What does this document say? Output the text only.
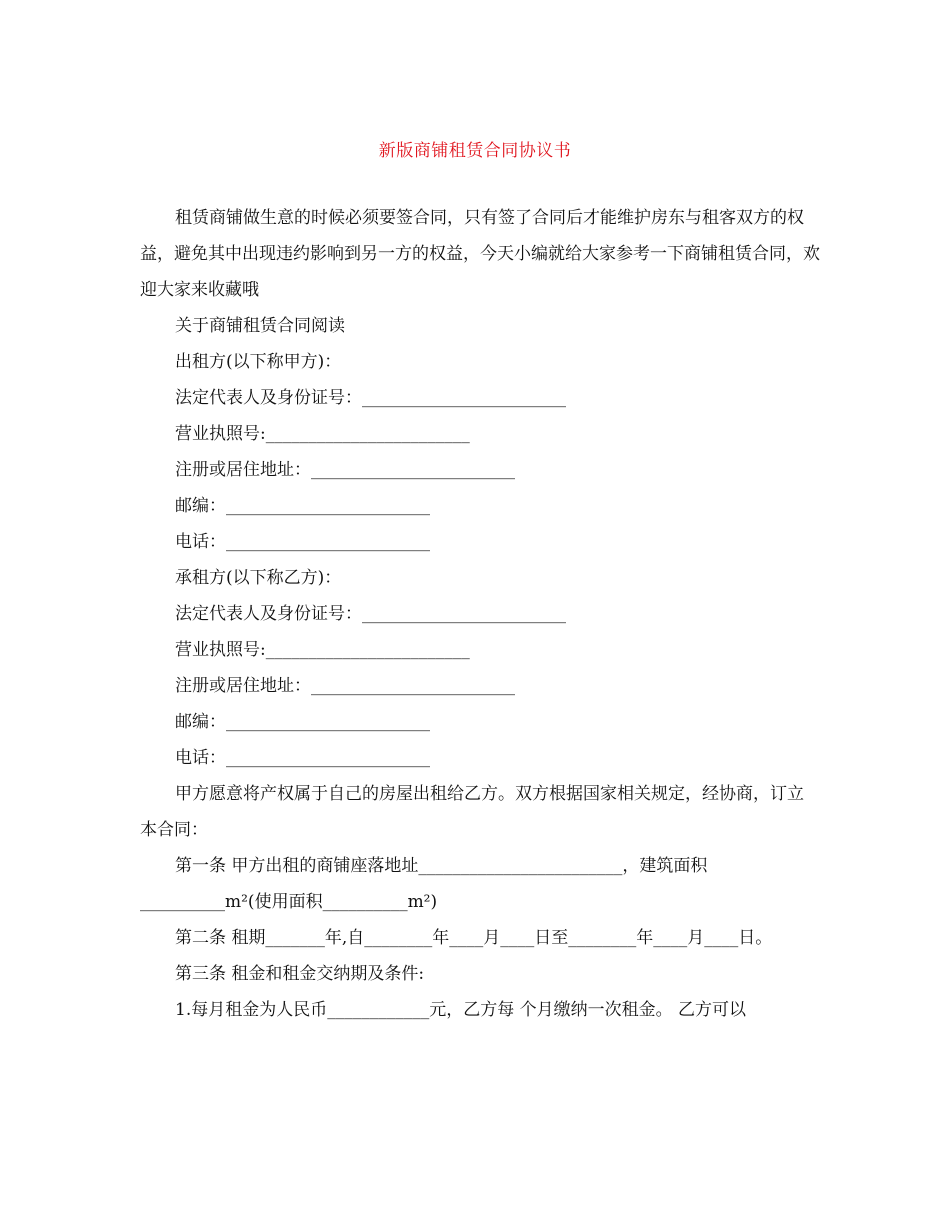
新版商铺租赁合同协议书

租赁商铺做生意的时候必须要签合同，只有签了合同后才能维护房东与租客双方的权益，避免其中出现违约影响到另一方的权益，今天小编就给大家参考一下商铺租赁合同，欢迎大家来收藏哦

关于商铺租赁合同阅读

出租方(以下称甲方)：

法定代表人及身份证号：________________________

营业执照号:________________________

注册或居住地址：________________________

邮编：________________________

电话：________________________

承租方(以下称乙方)：

法定代表人及身份证号：________________________

营业执照号:________________________

注册或居住地址：________________________

邮编：________________________

电话：________________________

甲方愿意将产权属于自己的房屋出租给乙方。双方根据国家相关规定，经协商，订立本合同：

第一条 甲方出租的商铺座落地址________________________，建筑面积__________m²(使用面积__________m²)

第二条 租期_______年,自________年____月____日至________年____月____日。

第三条 租金和租金交纳期及条件:

1.每月租金为人民币____________元，乙方每 个月缴纳一次租金。 乙方可以
